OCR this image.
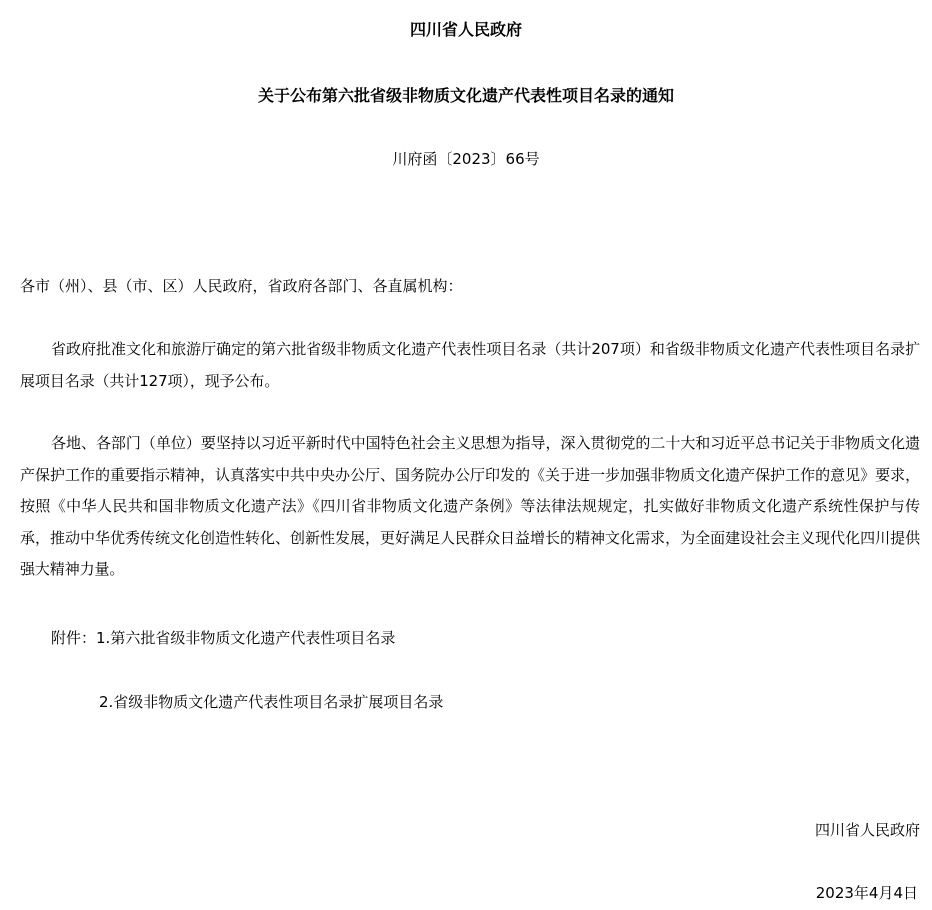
四川省人民政府
关于公布第六批省级非物质文化遗产代表性项目名录的通知
川府函〔2023〕66号
各市（州）、县（市、区）人民政府，省政府各部门、各直属机构：
省政府批准文化和旅游厅确定的第六批省级非物质文化遗产代表性项目名录（共计207项）和省级非物质文化遗产代表性项目名录扩展项目名录（共计127项），现予公布。
各地、各部门（单位）要坚持以习近平新时代中国特色社会主义思想为指导，深入贯彻党的二十大和习近平总书记关于非物质文化遗产保护工作的重要指示精神，认真落实中共中央办公厅、国务院办公厅印发的《关于进一步加强非物质文化遗产保护工作的意见》要求，按照《中华人民共和国非物质文化遗产法》《四川省非物质文化遗产条例》等法律法规规定，扎实做好非物质文化遗产系统性保护与传承，推动中华优秀传统文化创造性转化、创新性发展，更好满足人民群众日益增长的精神文化需求，为全面建设社会主义现代化四川提供强大精神力量。
附件：1.第六批省级非物质文化遗产代表性项目名录
2.省级非物质文化遗产代表性项目名录扩展项目名录
四川省人民政府
2023年4月4日
